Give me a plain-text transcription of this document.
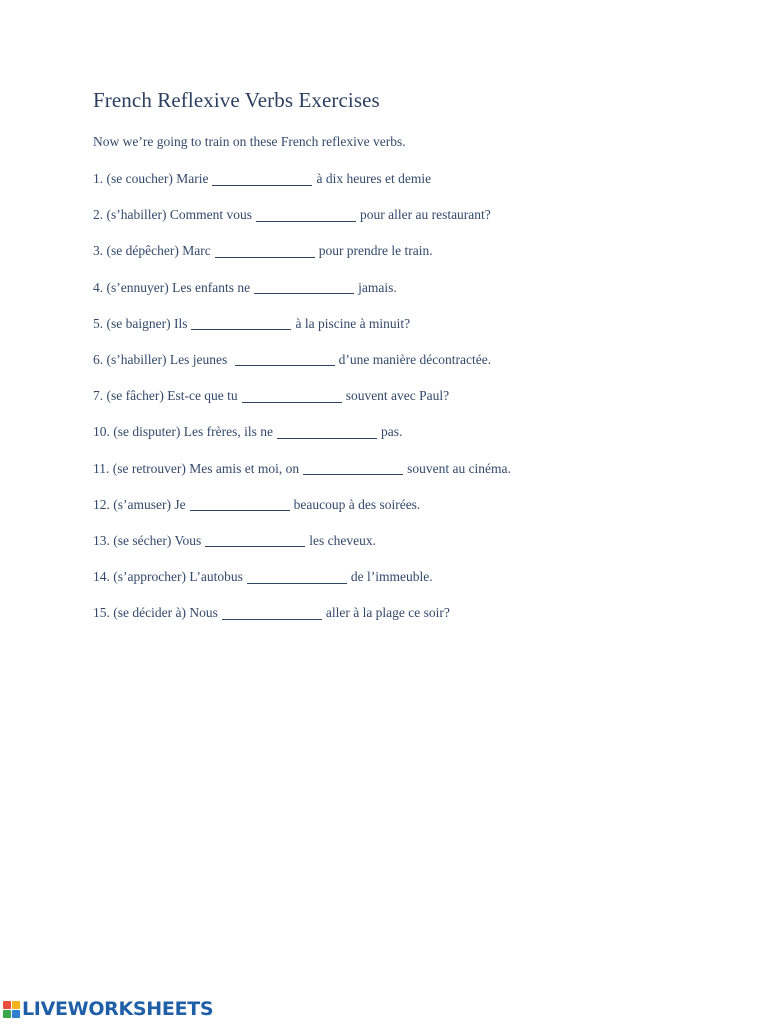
French Reflexive Verbs Exercises

Now we’re going to train on these French reflexive verbs.

1. (se coucher) Marie	à dix heures et demie
2. (s’habiller) Comment vous	pour aller au restaurant?
3. (se dépêcher) Marc	pour prendre le train.
4. (s’ennuyer) Les enfants ne	jamais.
5. (se baigner) Ils	à la piscine à minuit?
6. (s’habiller) Les jeunes	d’une manière décontractée.
7. (se fâcher) Est-ce que tu	souvent avec Paul?
10. (se disputer) Les frères, ils ne	pas.
11. (se retrouver) Mes amis et moi, on	souvent au cinéma.
12. (s’amuser) Je	beaucoup à des soirées.
13. (se sécher) Vous	les cheveux.
14. (s’approcher) L’autobus	de l’immeuble.
15. (se décider à) Nous	aller à la plage ce soir?
LIVEWORKSHEETS
